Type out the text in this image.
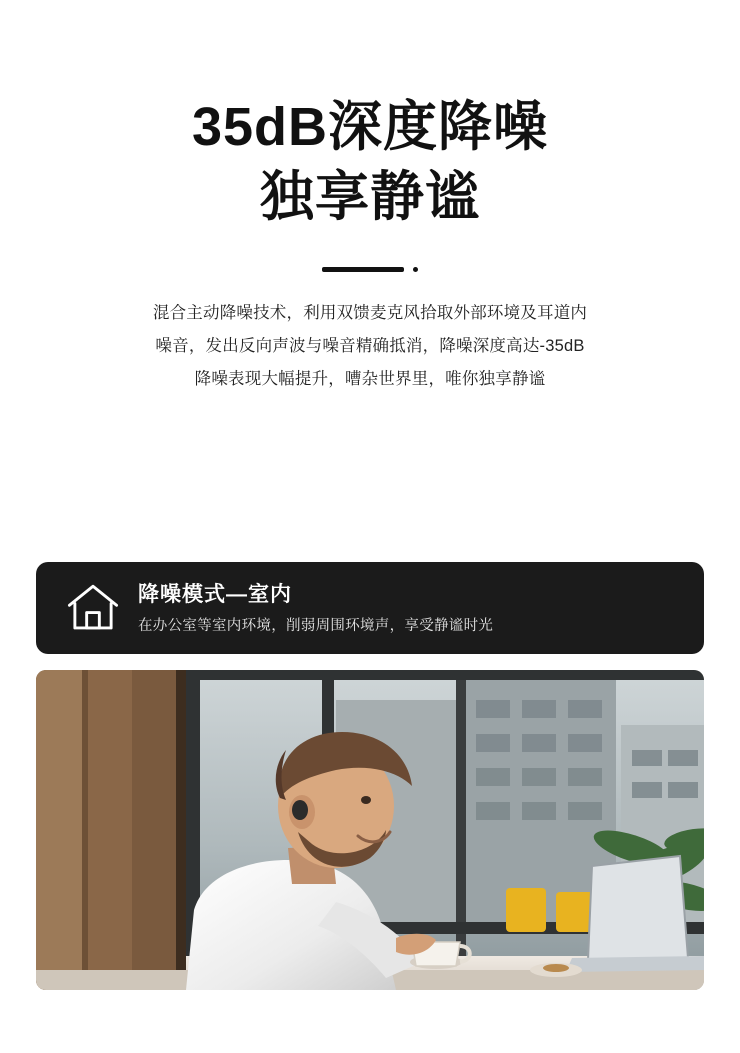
35dB深度降噪
独享静谧

混合主动降噪技术，利用双馈麦克风拾取外部环境及耳道内

噪音，发出反向声波与噪音精确抵消，降噪深度高达-35dB

降噪表现大幅提升，嘈杂世界里，唯你独享静谧

降噪模式—室内
在办公室等室内环境，削弱周围环境声，享受静谧时光
